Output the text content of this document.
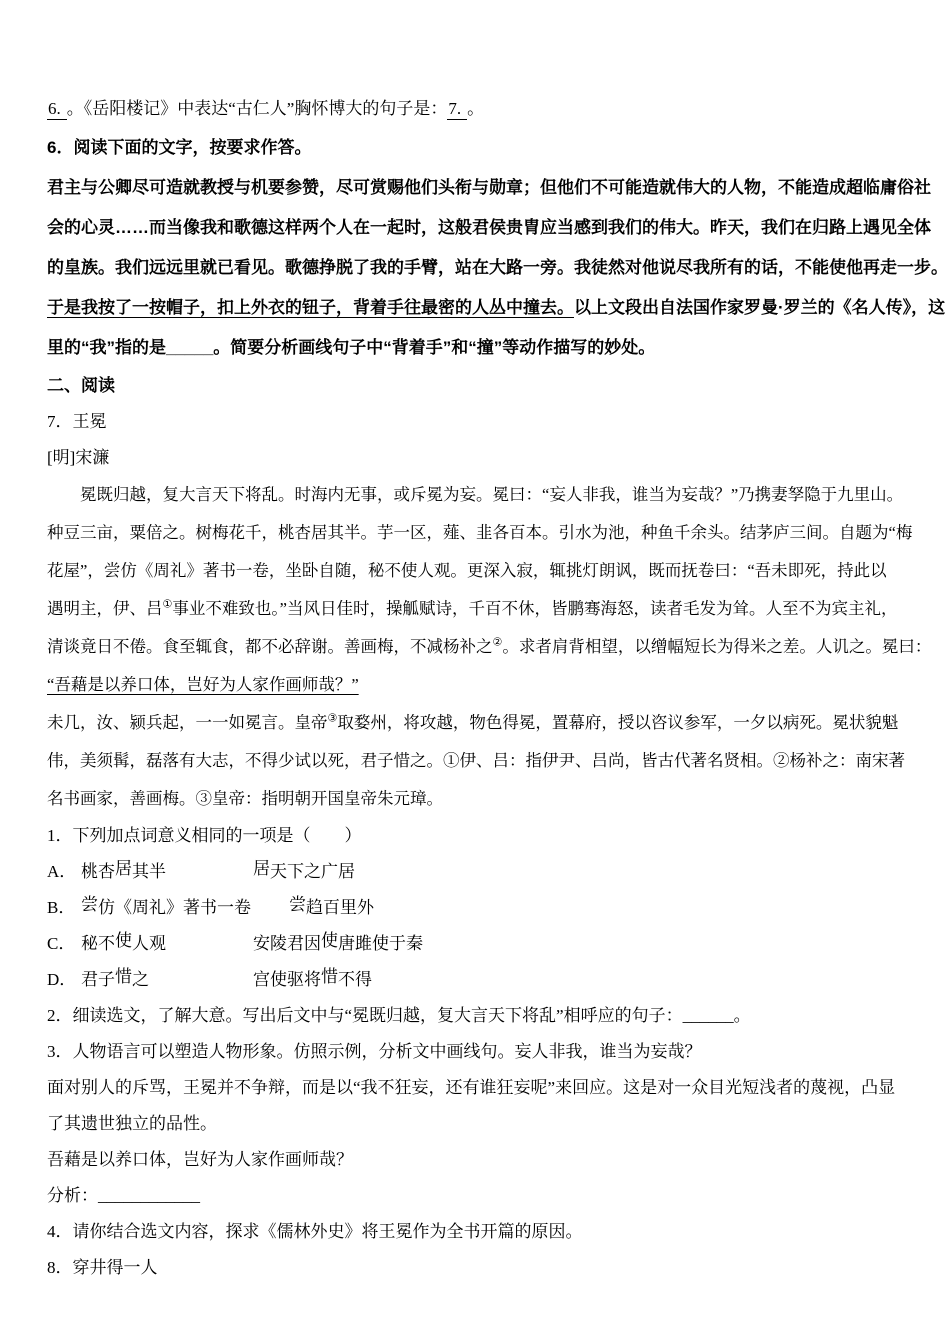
6. 。《岳阳楼记》中表达“古仁人”胸怀博大的句子是：7. 。
6．阅读下面的文字，按要求作答。
君主与公卿尽可造就教授与机要参赞，尽可赏赐他们头衔与勋章；但他们不可能造就伟大的人物，不能造成超临庸俗社
会的心灵……而当像我和歌德这样两个人在一起时，这般君侯贵胄应当感到我们的伟大。昨天，我们在归路上遇见全体
的皇族。我们远远里就已看见。歌德挣脱了我的手臂，站在大路一旁。我徒然对他说尽我所有的话，不能使他再走一步。
于是我按了一按帽子，扣上外衣的钮子，背着手往最密的人丛中撞去。以上文段出自法国作家罗曼·罗兰的《名人传》，这
里的“我”指的是_____。简要分析画线句子中“背着手”和“撞”等动作描写的妙处。
二、阅读
7．王冕
[明]宋濂
　　冕既归越，复大言天下将乱。时海内无事，或斥冕为妄。冕曰：“妄人非我，谁当为妄哉？”乃携妻孥隐于九里山。
种豆三亩，粟倍之。树梅花千，桃杏居其半。芋一区，薤、韭各百本。引水为池，种鱼千余头。结茅庐三间。自题为“梅
花屋”，尝仿《周礼》著书一卷，坐卧自随，秘不使人观。更深入寂，辄挑灯朗讽，既而抚卷曰：“吾未即死，持此以
遇明主，伊、吕①事业不难致也。”当风日佳时，操觚赋诗，千百不休，皆鹏骞海怒，读者毛发为耸。人至不为宾主礼，
清谈竟日不倦。食至辄食，都不必辞谢。善画梅，不减杨补之②。求者肩背相望，以缯幅短长为得米之差。人讥之。冕曰：
“吾藉是以养口体，岂好为人家作画师哉？”
未几，汝、颍兵起，一一如冕言。皇帝③取婺州，将攻越，物色得冕，置幕府，授以咨议参军，一夕以病死。冕状貌魁
伟，美须髯，磊落有大志，不得少试以死，君子惜之。①伊、吕：指伊尹、吕尚，皆古代著名贤相。②杨补之：南宋著
名书画家，善画梅。③皇帝：指明朝开国皇帝朱元璋。
1．下列加点词意义相同的一项是（　　）
A． 桃杏居其半	居天下之广居
B． 尝仿《周礼》著书一卷 尝趋百里外
C． 秘不使人观	安陵君因使唐雎使于秦
D． 君子惜之	宫使驱将惜不得
2．细读选文，了解大意。写出后文中与“冕既归越，复大言天下将乱”相呼应的句子：______。
3．人物语言可以塑造人物形象。仿照示例，分析文中画线句。妄人非我，谁当为妄哉？
面对别人的斥骂，王冕并不争辩，而是以“我不狂妄，还有谁狂妄呢”来回应。这是对一众目光短浅者的蔑视，凸显了其遗世独立的品性。
吾藉是以养口体，岂好为人家作画师哉？
分析：____________
4．请你结合选文内容，探求《儒林外史》将王冕作为全书开篇的原因。
8．穿井得一人
